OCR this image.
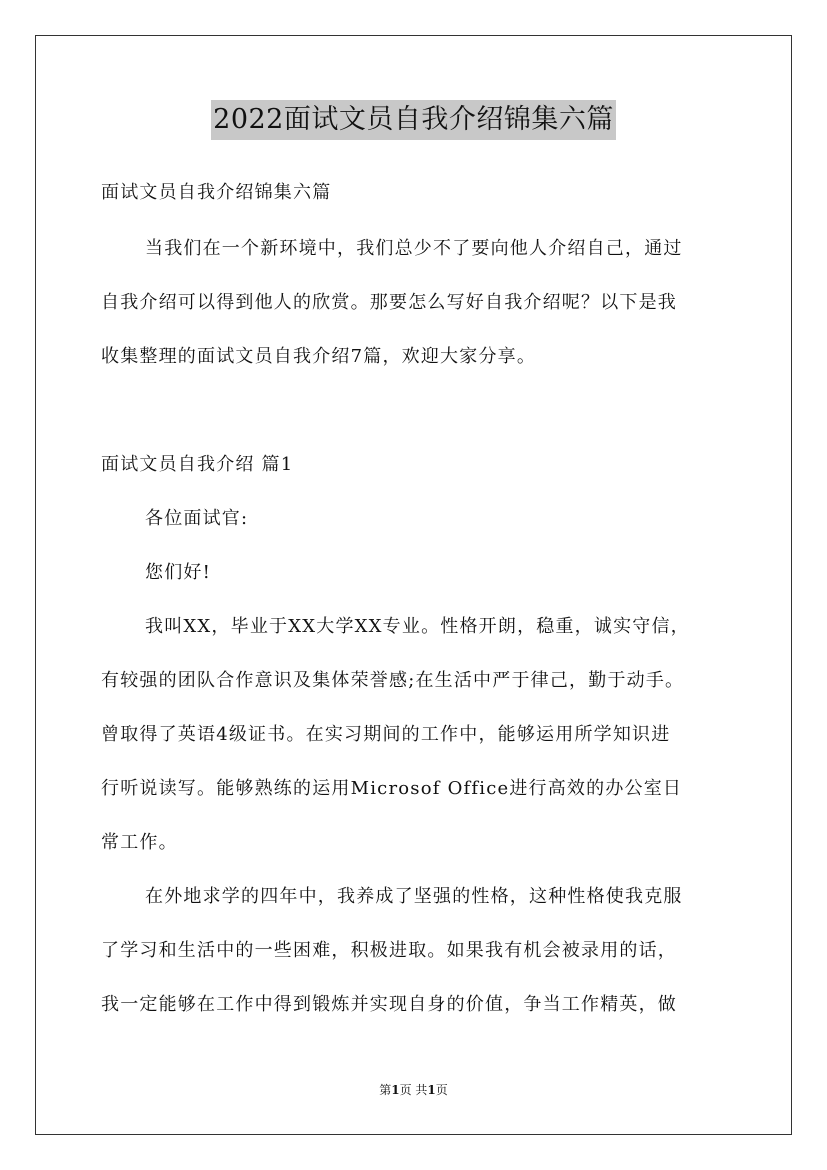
2022面试文员自我介绍锦集六篇
面试文员自我介绍锦集六篇
当我们在一个新环境中，我们总少不了要向他人介绍自己，通过
自我介绍可以得到他人的欣赏。那要怎么写好自我介绍呢？以下是我
收集整理的面试文员自我介绍7篇，欢迎大家分享。
面试文员自我介绍 篇1
各位面试官:
您们好!
我叫XX，毕业于XX大学XX专业。性格开朗，稳重，诚实守信，
有较强的团队合作意识及集体荣誉感;在生活中严于律己，勤于动手。
曾取得了英语4级证书。在实习期间的工作中，能够运用所学知识进
行听说读写。能够熟练的运用Microsof Office进行高效的办公室日
常工作。
在外地求学的四年中，我养成了坚强的性格，这种性格使我克服
了学习和生活中的一些困难，积极进取。如果我有机会被录用的话，
我一定能够在工作中得到锻炼并实现自身的价值，争当工作精英，做
第1页 共1页
